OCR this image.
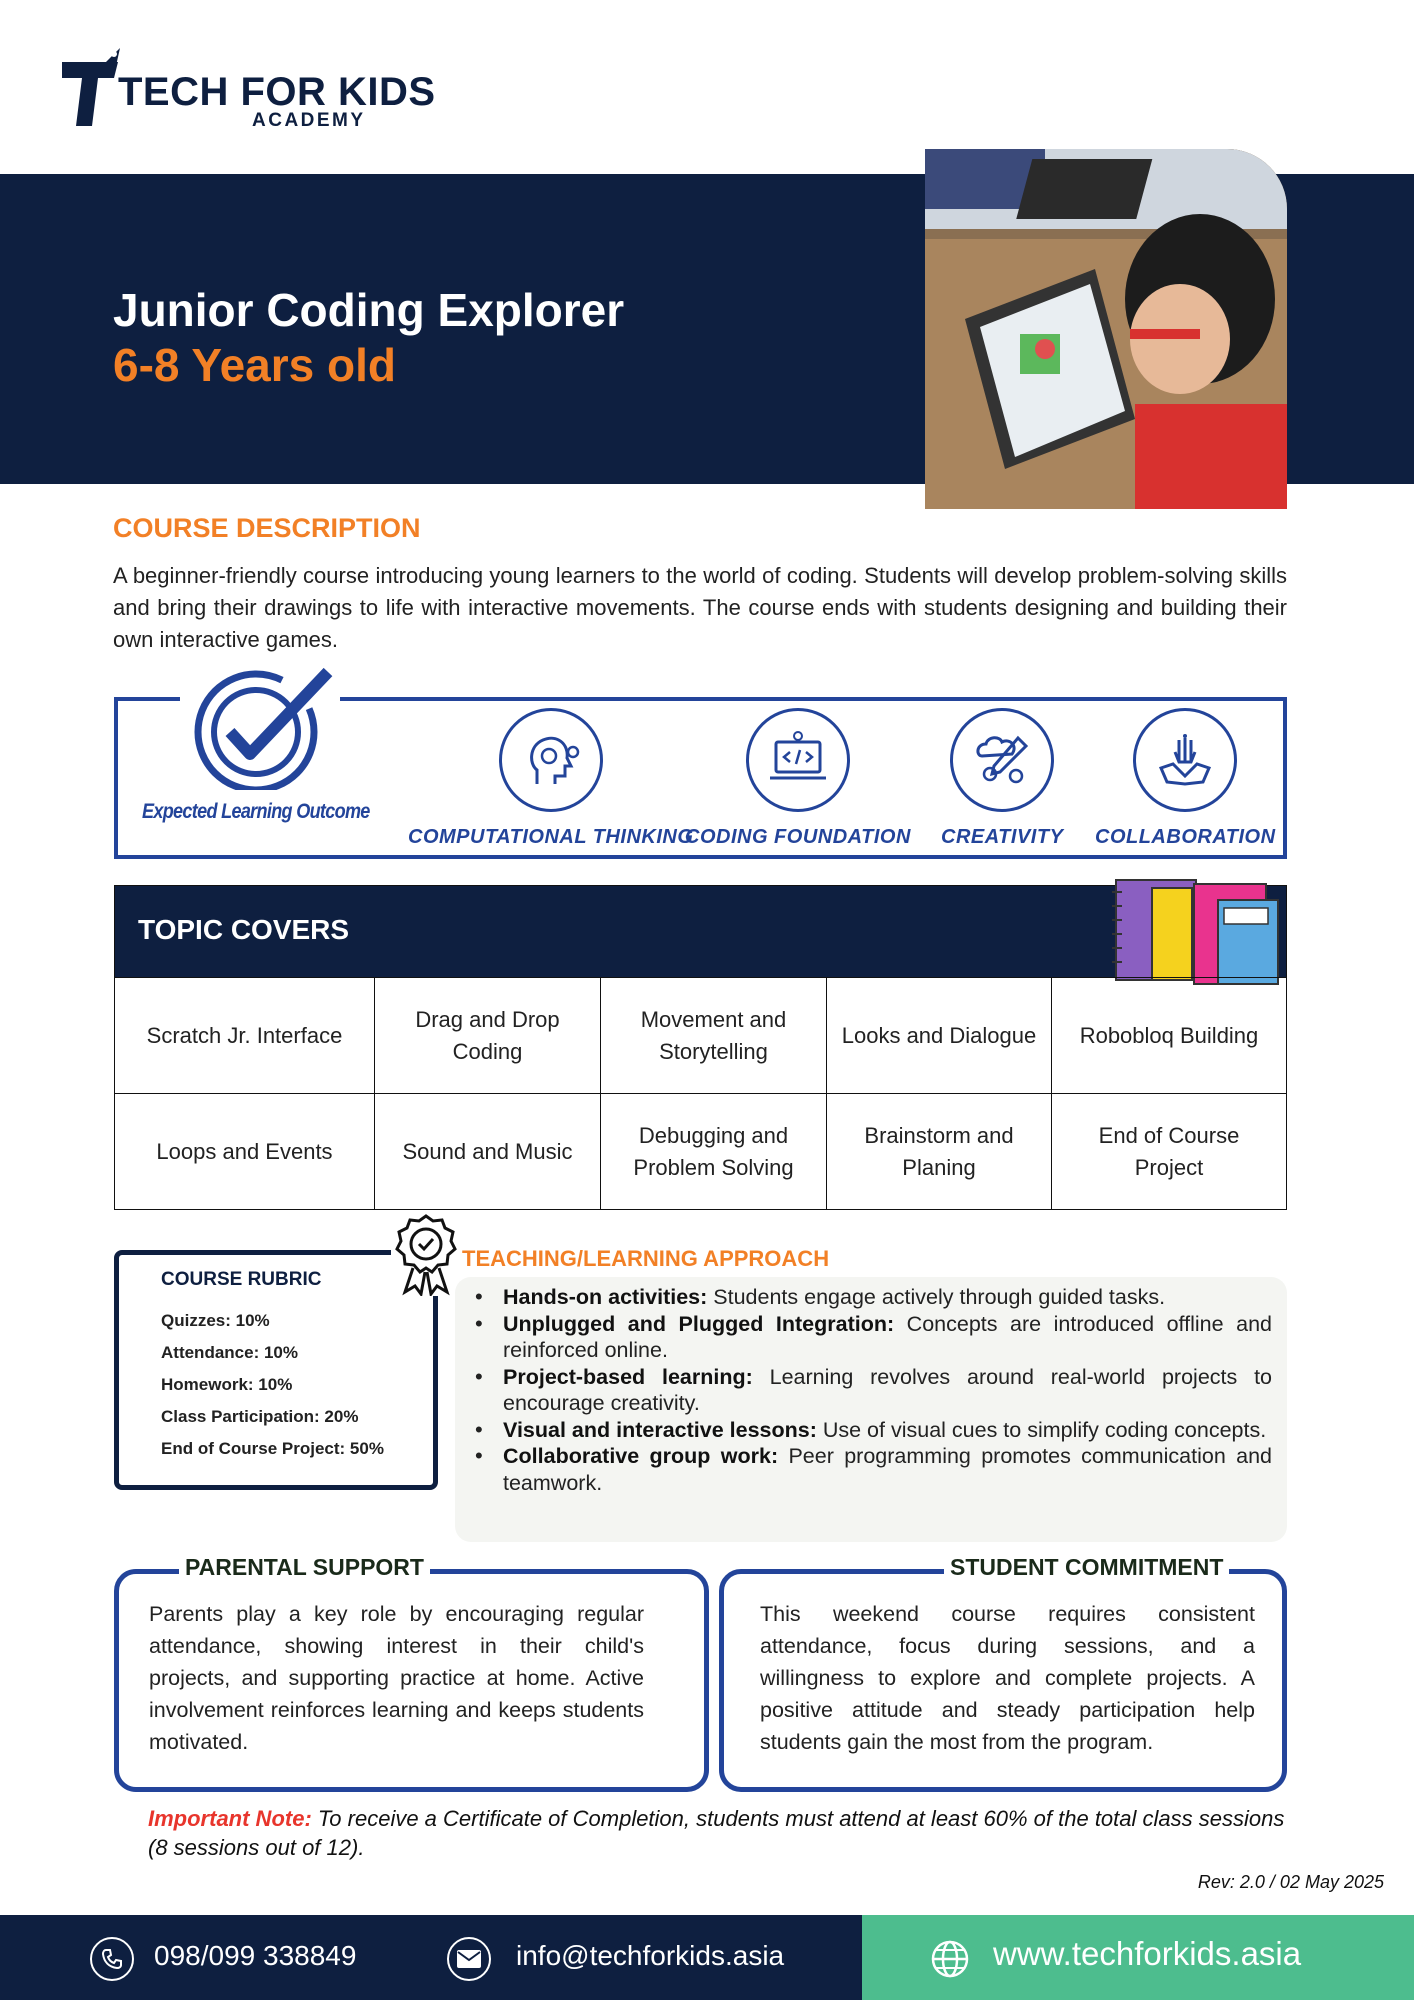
TECH FOR KIDS
ACADEMY
Junior Coding Explorer
6-8 Years old
COURSE DESCRIPTION
A beginner-friendly course introducing young learners to the world of coding. Students will develop problem-solving skills and bring their drawings to life with interactive movements. The course ends with students designing and building their own interactive games.
Expected Learning Outcome
COMPUTATIONAL THINKING
CODING FOUNDATION CREATIVITY COLLABORATION
TOPIC COVERS
Scratch Jr. Interface	Drag and Drop Coding	Movement and Storytelling	Looks and Dialogue	Robobloq Building
Loops and Events	Sound and Music	Debugging and Problem Solving	Brainstorm and Planing	End of Course Project
COURSE RUBRIC
Quizzes: 10%
Attendance: 10%
Homework: 10%
Class Participation: 20%
End of Course Project: 50%
TEACHING/LEARNING APPROACH
• Hands-on activities: Students engage actively through guided tasks.
• Unplugged and Plugged Integration: Concepts are introduced offline and reinforced online.
• Project-based learning: Learning revolves around real-world projects to encourage creativity.
• Visual and interactive lessons: Use of visual cues to simplify coding concepts.
• Collaborative group work: Peer programming promotes communication and teamwork.
PARENTAL SUPPORT
Parents play a key role by encouraging regular attendance, showing interest in their child's projects, and supporting practice at home. Active involvement reinforces learning and keeps students motivated.
STUDENT COMMITMENT
This weekend course requires consistent attendance, focus during sessions, and a willingness to explore and complete projects. A positive attitude and steady participation help students gain the most from the program.
Important Note: To receive a Certificate of Completion, students must attend at least 60% of the total class sessions (8 sessions out of 12).
Rev: 2.0 / 02 May 2025
098/099 338849	info@techforkids.asia	www.techforkids.asia
